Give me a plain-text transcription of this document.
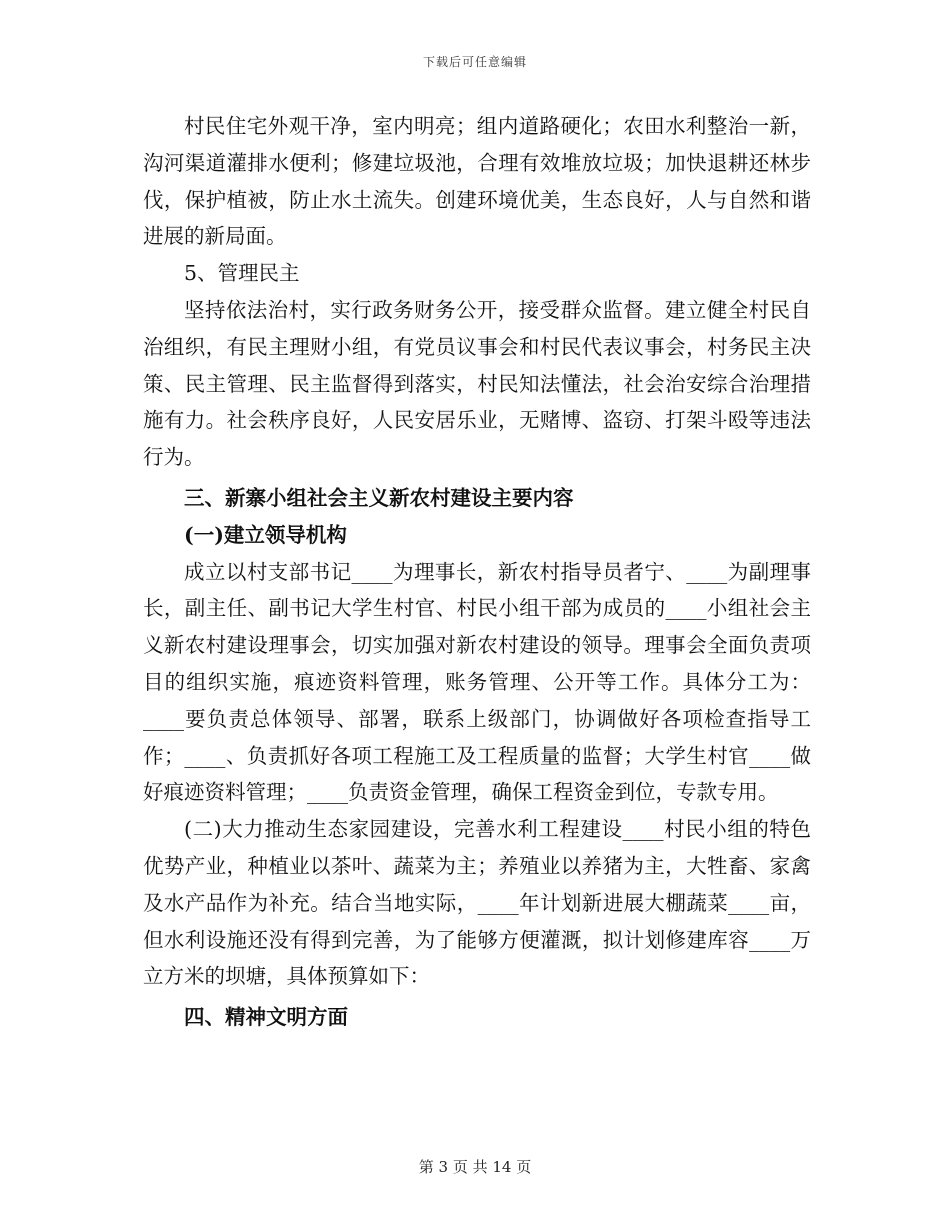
下载后可任意编辑

村民住宅外观干净，室内明亮；组内道路硬化；农田水利整治一新，沟河渠道灌排水便利；修建垃圾池，合理有效堆放垃圾；加快退耕还林步伐，保护植被，防止水土流失。创建环境优美，生态良好，人与自然和谐进展的新局面。

5、管理民主

坚持依法治村，实行政务财务公开，接受群众监督。建立健全村民自治组织，有民主理财小组，有党员议事会和村民代表议事会，村务民主决策、民主管理、民主监督得到落实，村民知法懂法，社会治安综合治理措施有力。社会秩序良好，人民安居乐业，无赌博、盗窃、打架斗殴等违法行为。

三、新寨小组社会主义新农村建设主要内容

(一)建立领导机构

成立以村支部书记____为理事长，新农村指导员者宁、____为副理事长，副主任、副书记大学生村官、村民小组干部为成员的____小组社会主义新农村建设理事会，切实加强对新农村建设的领导。理事会全面负责项目的组织实施，痕迹资料管理，账务管理、公开等工作。具体分工为：____要负责总体领导、部署，联系上级部门，协调做好各项检查指导工作；____、负责抓好各项工程施工及工程质量的监督；大学生村官____做好痕迹资料管理；____负责资金管理，确保工程资金到位，专款专用。

(二)大力推动生态家园建设，完善水利工程建设____村民小组的特色优势产业，种植业以茶叶、蔬菜为主；养殖业以养猪为主，大牲畜、家禽及水产品作为补充。结合当地实际，____年计划新进展大棚蔬菜____亩，但水利设施还没有得到完善，为了能够方便灌溉，拟计划修建库容____万立方米的坝塘，具体预算如下：

四、精神文明方面

第 3 页 共 14 页
